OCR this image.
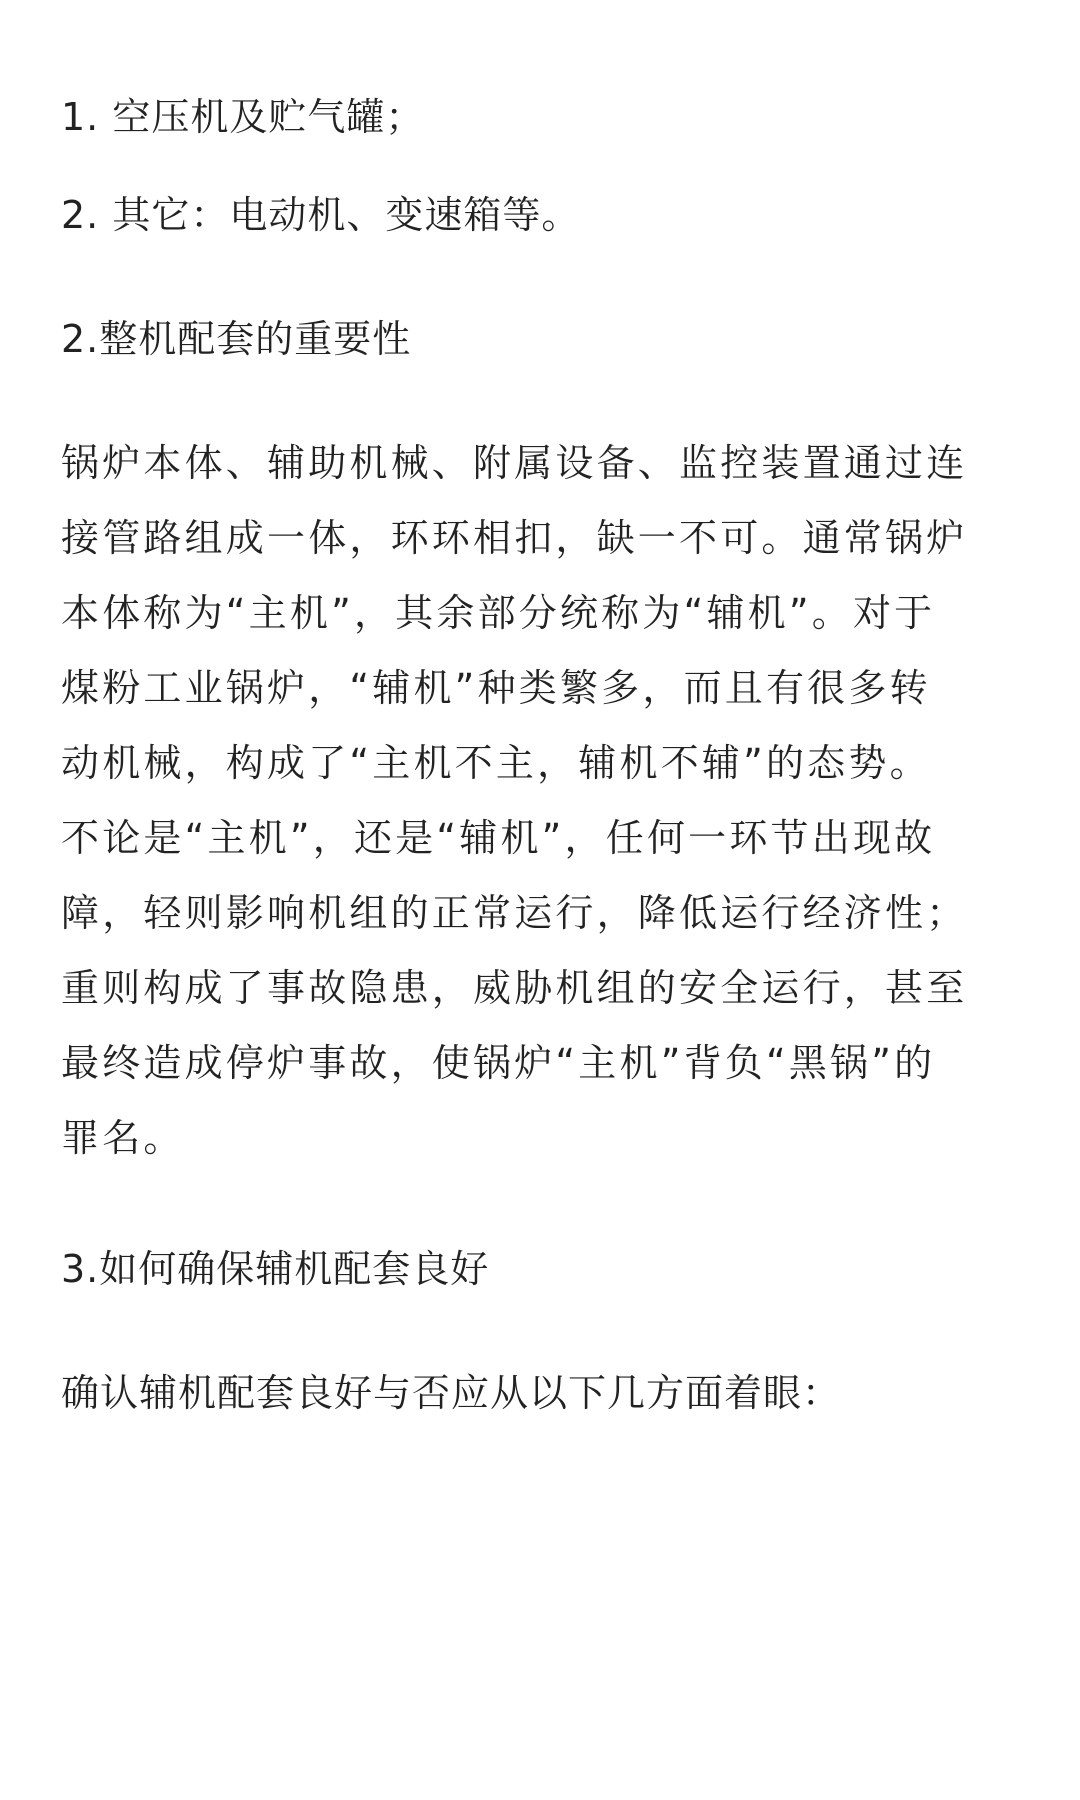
1. 空压机及贮气罐；
2. 其它：电动机、变速箱等。
2.整机配套的重要性
锅炉本体、辅助机械、附属设备、监控装置通过连
接管路组成一体，环环相扣，缺一不可。通常锅炉
本体称为“主机”，其余部分统称为“辅机”。对于
煤粉工业锅炉，“辅机”种类繁多，而且有很多转
动机械，构成了“主机不主，辅机不辅”的态势。
不论是“主机”，还是“辅机”，任何一环节出现故
障，轻则影响机组的正常运行，降低运行经济性；
重则构成了事故隐患，威胁机组的安全运行，甚至
最终造成停炉事故，使锅炉“主机”背负“黑锅”的
罪名。
3.如何确保辅机配套良好
确认辅机配套良好与否应从以下几方面着眼：
